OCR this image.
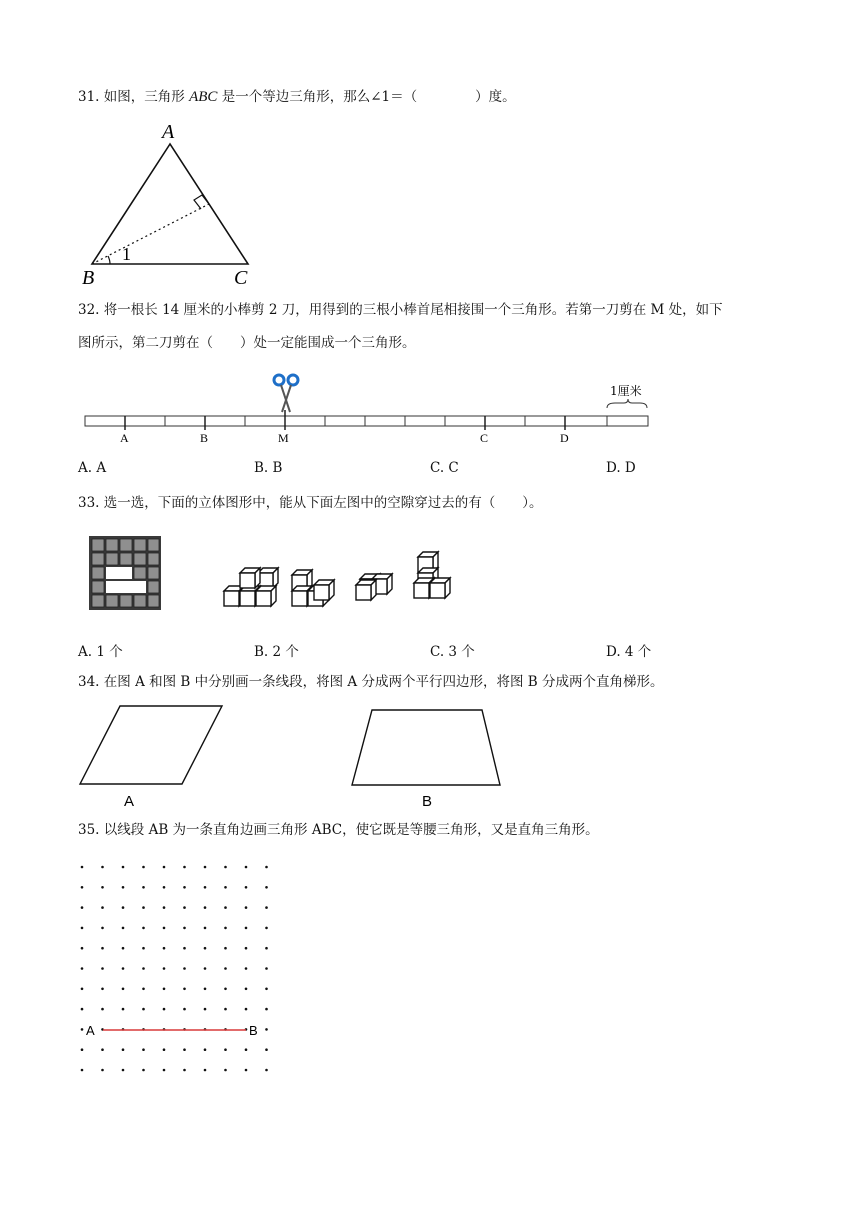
31. 如图，三角形 ABC 是一个等边三角形，那么∠1＝（	）度。
A
B	C
1
32. 将一根长 14 厘米的小棒剪 2 刀，用得到的三根小棒首尾相接围一个三角形。若第一刀剪在 M 处，如下
图所示，第二刀剪在（　　）处一定能围成一个三角形。
1厘米
A	B	M	C	D
A. A	B. B	C. C	D. D
33. 选一选，下面的立体图形中，能从下面左图中的空隙穿过去的有（　　）。
A. 1 个	B. 2 个	C. 3 个	D. 4 个
34. 在图 A 和图 B 中分别画一条线段，将图 A 分成两个平行四边形，将图 B 分成两个直角梯形。
A	B
35. 以线段 AB 为一条直角边画三角形 ABC，使它既是等腰三角形，又是直角三角形。
A	B
